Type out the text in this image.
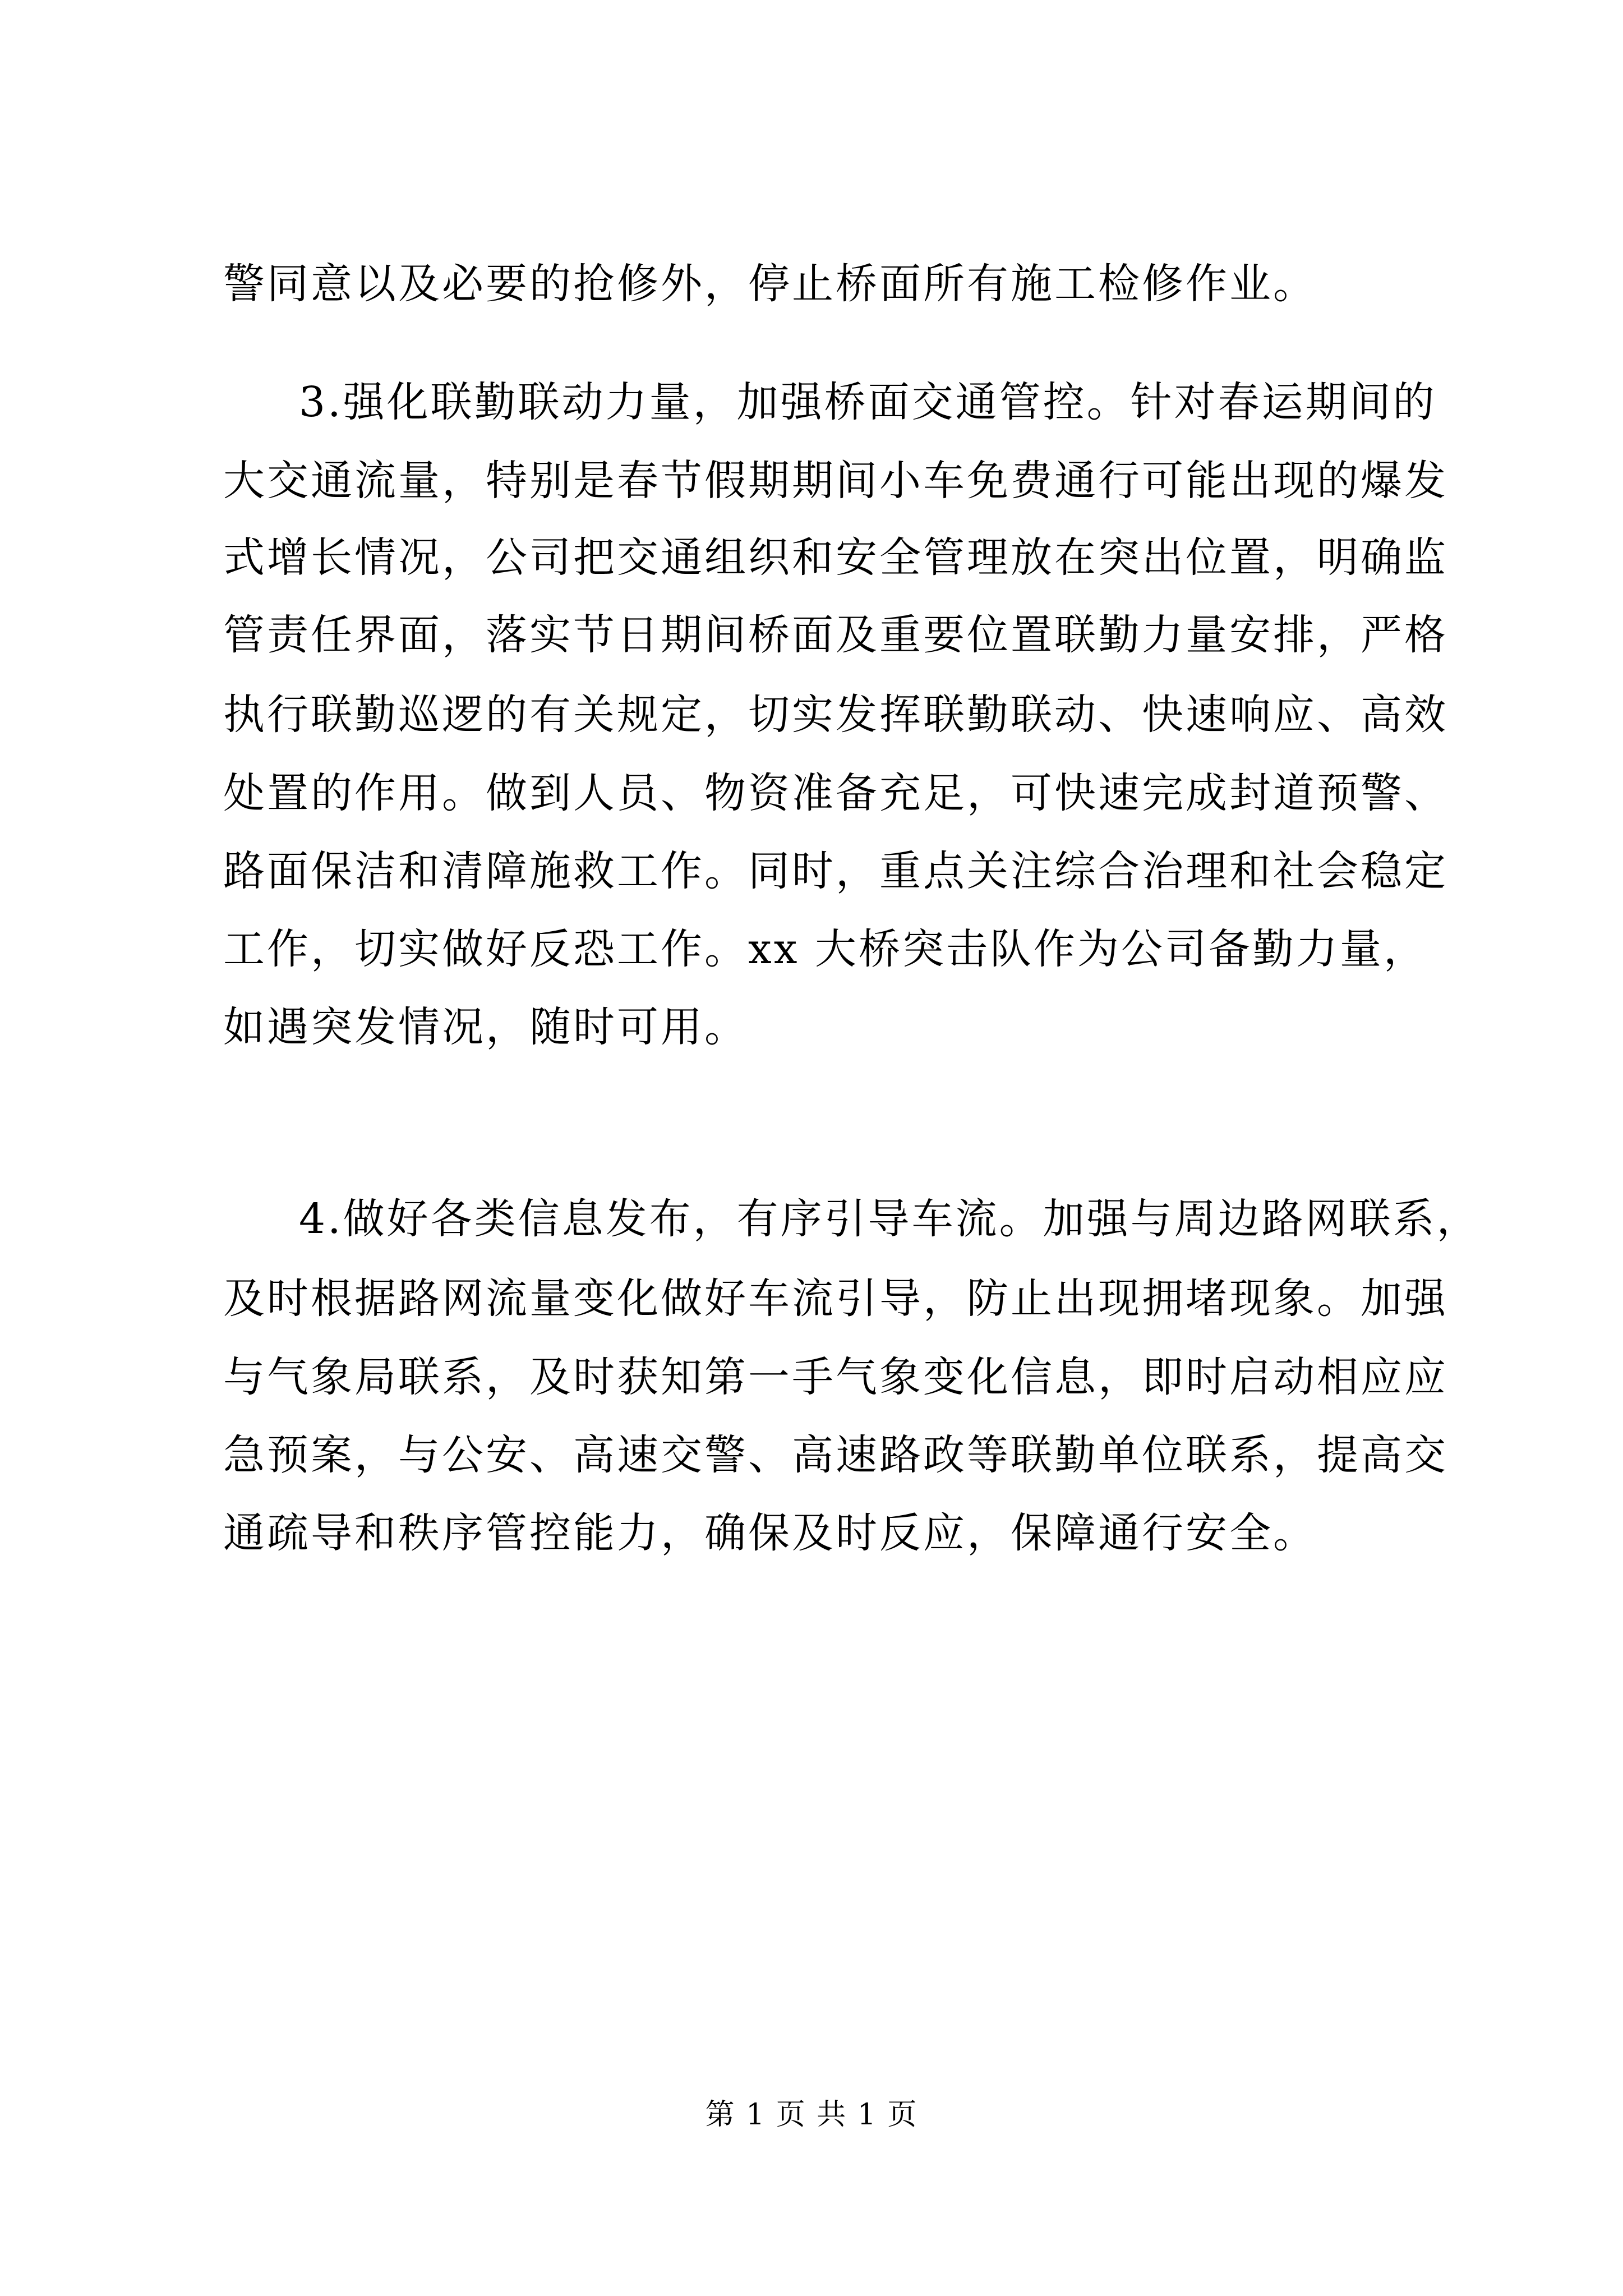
警同意以及必要的抢修外，停止桥面所有施工检修作业。
3.强化联勤联动力量，加强桥面交通管控。针对春运期间的
大交通流量，特别是春节假期期间小车免费通行可能出现的爆发
式增长情况，公司把交通组织和安全管理放在突出位置，明确监
管责任界面，落实节日期间桥面及重要位置联勤力量安排，严格
执行联勤巡逻的有关规定，切实发挥联勤联动、快速响应、高效
处置的作用。做到人员、物资准备充足，可快速完成封道预警、
路面保洁和清障施救工作。同时，重点关注综合治理和社会稳定
工作，切实做好反恐工作。xx 大桥突击队作为公司备勤力量，
如遇突发情况，随时可用。
4.做好各类信息发布，有序引导车流。加强与周边路网联系，
及时根据路网流量变化做好车流引导，防止出现拥堵现象。加强
与气象局联系，及时获知第一手气象变化信息，即时启动相应应
急预案，与公安、高速交警、高速路政等联勤单位联系，提高交
通疏导和秩序管控能力，确保及时反应，保障通行安全。
第 1 页 共 1 页
